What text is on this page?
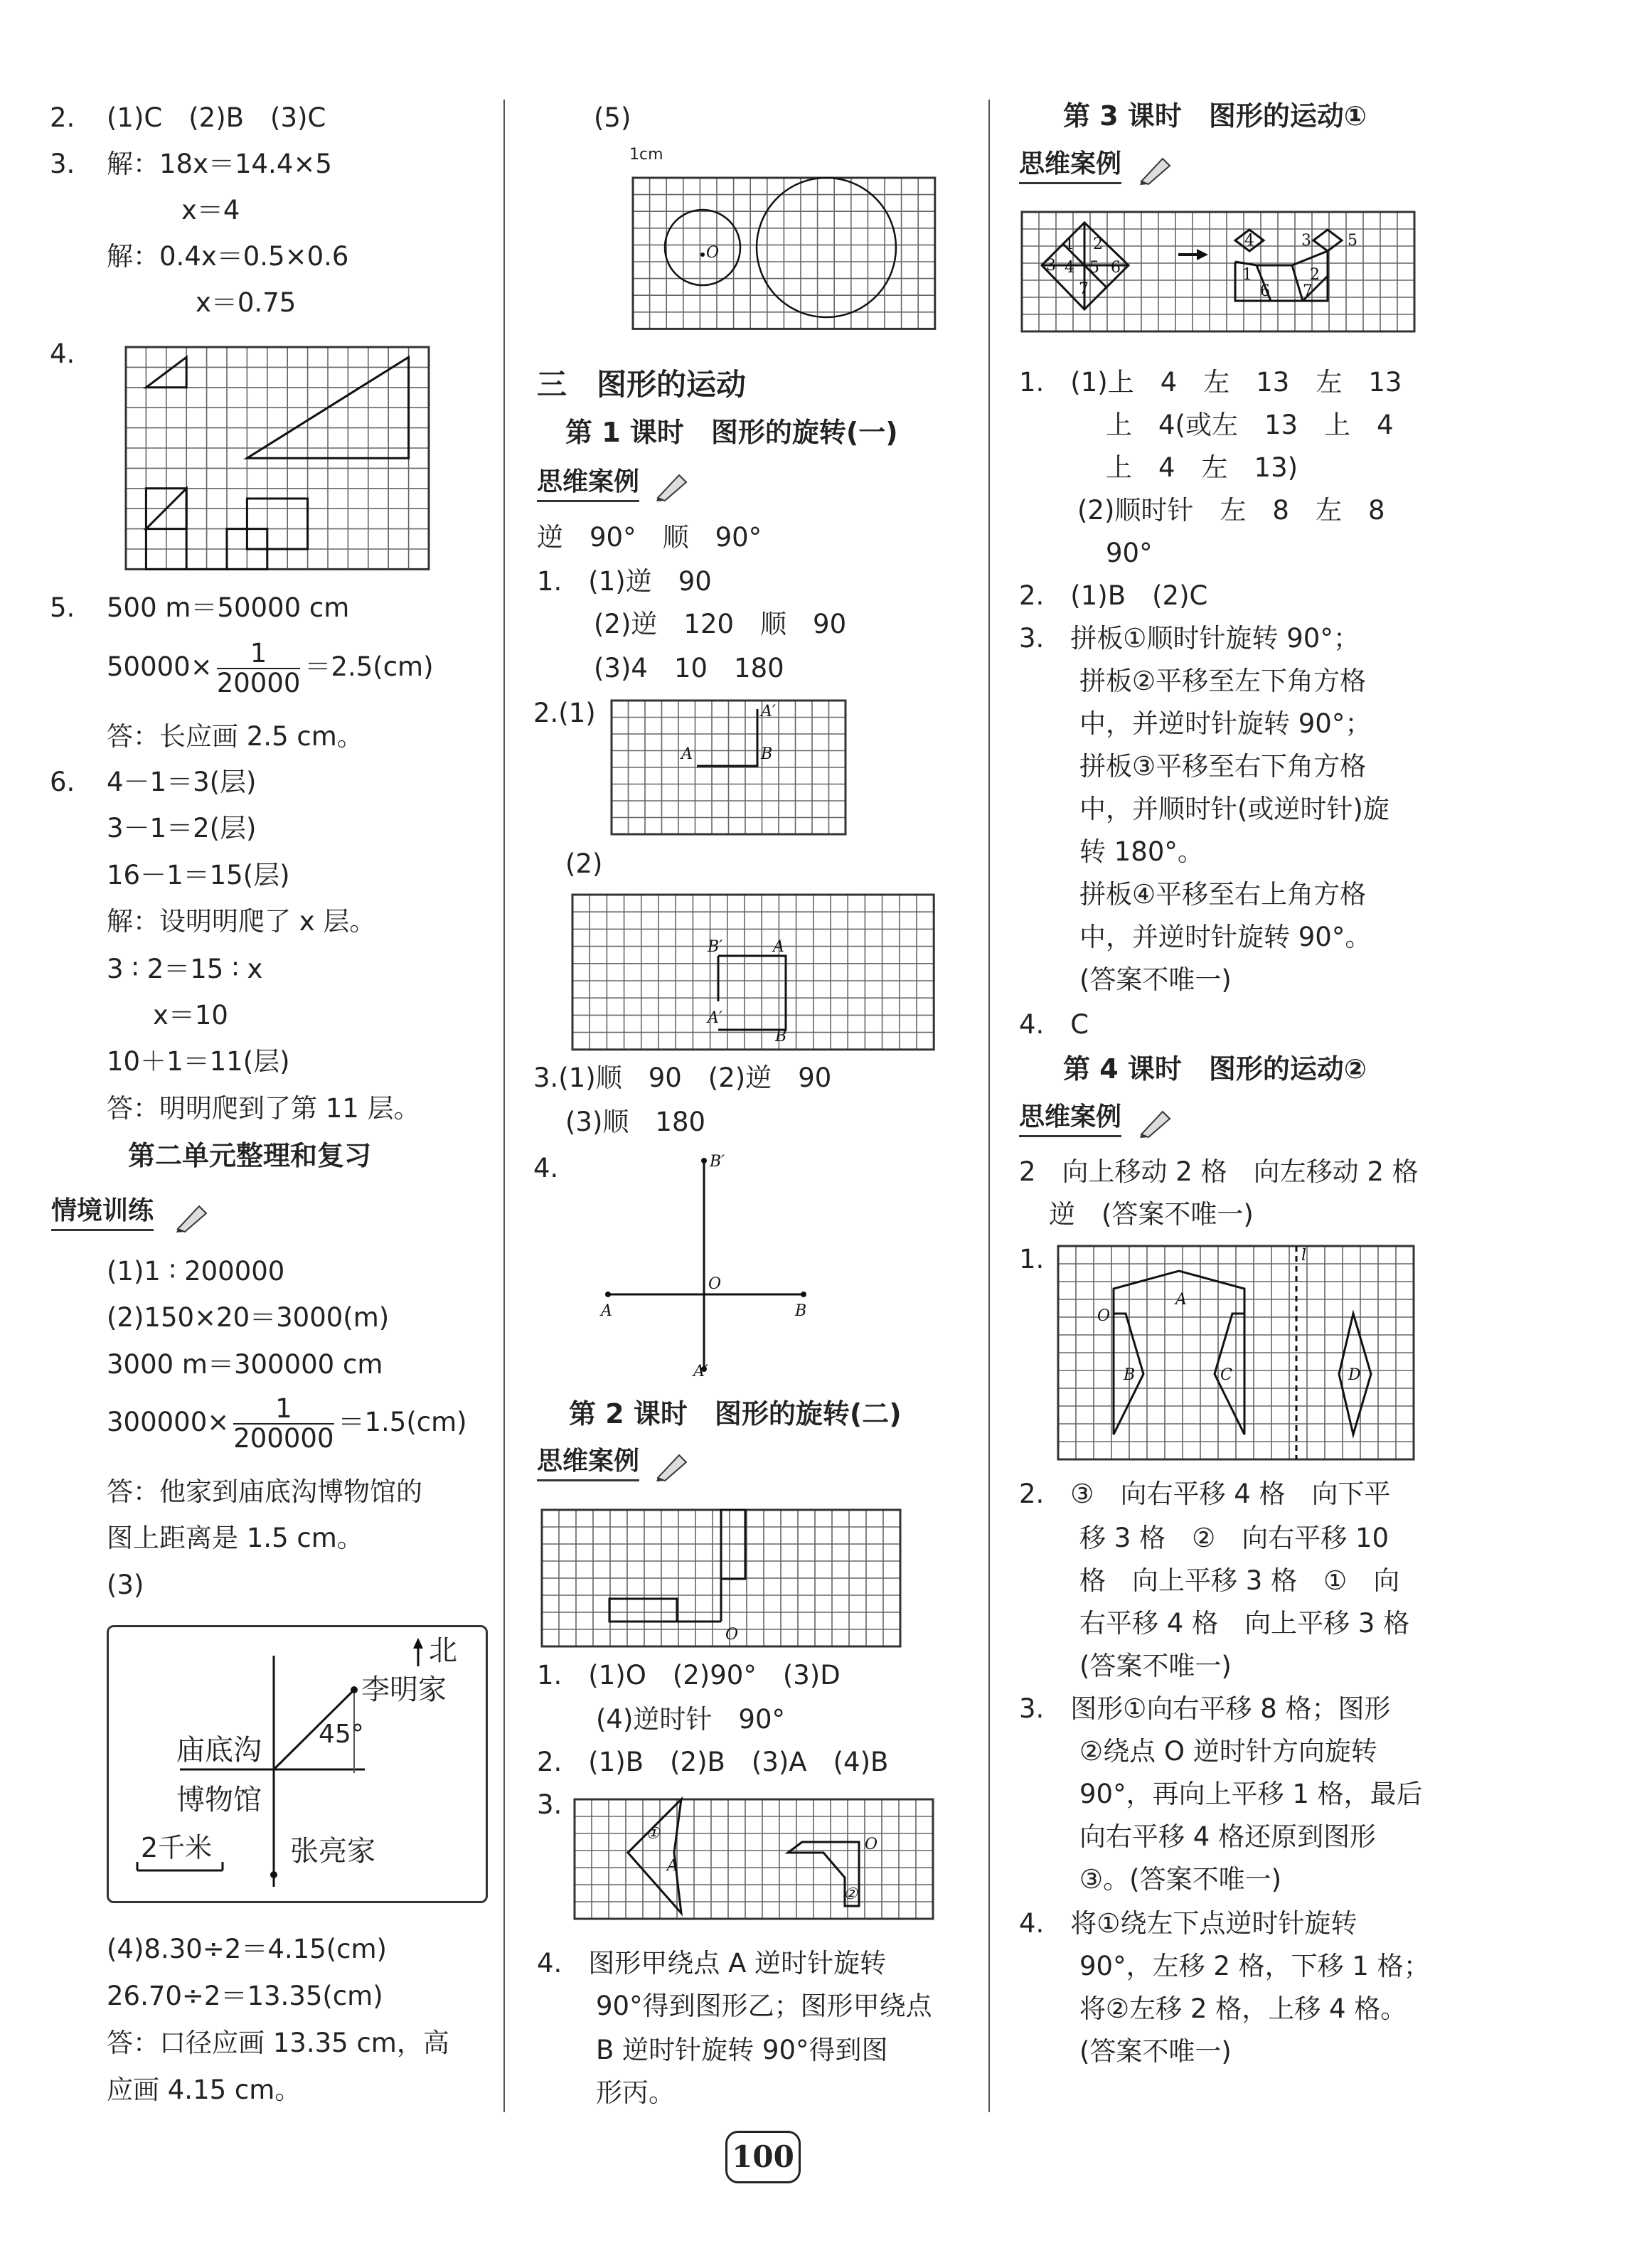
2. (1)C　(2)B　(3)C
3. 解：18x＝14.4×5
x＝4
解：0.4x＝0.5×0.6
x＝0.75
4.
5. 500 m＝50000 cm
$50000\times \frac{1}{20000} =2.5(cm)$
答：长应画 2.5 cm。
6. 4－1＝3(层)
3－1＝2(层)
16－1＝15(层)
解：设明明爬了 x 层。
3 ∶ 2＝15 ∶ x
x＝10
10＋1＝11(层)
答：明明爬到了第 11 层。
第二单元整理和复习
情境训练
(1)1 ∶ 200000
(2)150×20＝3000(m)
3000 m＝300000 cm
$300000\times \frac{1}{200000} =1.5(cm)$
答：他家到庙底沟博物馆的
图上距离是 1.5 cm。
(3)
北
李明家
45°
庙底沟
博物馆
2千米	张亮家
(4)8.30÷2＝4.15(cm)
26.70÷2＝13.35(cm)
答：口径应画 13.35 cm，高
应画 4.15 cm。
(5)
1cm
O
三　图形的运动
第 1 课时　图形的旋转(一)
思维案例
逆　90°　顺　90°
1.　(1)逆　90
(2)逆　120　顺　90
(3)4　10　180
2.(1)
A	B
A′
(2)
B′	A
A′
B
3.(1)顺　90　(2)逆　90
(3)顺　180
4.	B′
O
A	B
A′
第 2 课时　图形的旋转(二)
思维案例
O
1.　(1)O　(2)90°　(3)D
(4)逆时针　90°
2.　(1)B　(2)B　(3)A　(4)B
3.
①
A
O
②
4.　图形甲绕点 A 逆时针旋转
90°得到图形乙；图形甲绕点
B 逆时针旋转 90°得到图
形丙。
第 3 课时　图形的运动①
思维案例
1 2
3 4 5 6
7
4	3 5
1	2
6 7
1.　(1)上　4　左　13　左　13
上　4(或左　13　上　4
上　4　左　13)
(2)顺时针　左　8　左　8
90°
2.　(1)B　(2)C
3.　拼板①顺时针旋转 90°；
拼板②平移至左下角方格
中，并逆时针旋转 90°；
拼板③平移至右下角方格
中，并顺时针(或逆时针)旋
转 180°。
拼板④平移至右上角方格
中，并逆时针旋转 90°。
(答案不唯一)
4.　C
第 4 课时　图形的运动②
思维案例
2　向上移动 2 格　向左移动 2 格
逆　(答案不唯一)
1.
O
A
B	C	D
l
2.　③　向右平移 4 格　向下平
移 3 格　②　向右平移 10
格　向上平移 3 格　①　向
右平移 4 格　向上平移 3 格
(答案不唯一)
3.　图形①向右平移 8 格；图形
②绕点 O 逆时针方向旋转
90°，再向上平移 1 格，最后
向右平移 4 格还原到图形
③。(答案不唯一)
4.　将①绕左下点逆时针旋转
90°，左移 2 格，下移 1 格；
将②左移 2 格，上移 4 格。
(答案不唯一)
100
